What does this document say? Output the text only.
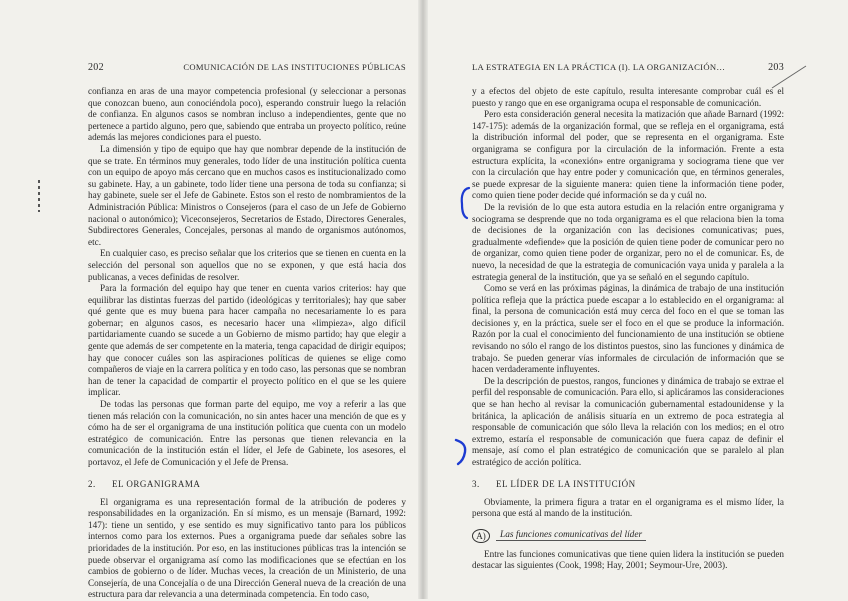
202	COMUNICACIÓN DE LAS INSTITUCIONES PÚBLICAS

confianza en aras de una mayor competencia profesional (y seleccionar a personas que conozcan bueno, aun conociéndola poco), esperando construir luego la relación de confianza. En algunos casos se nombran incluso a independientes, gente que no pertenece a partido alguno, pero que, sabiendo que entraba un proyecto político, reúne además las mejores condiciones para el puesto.

La dimensión y tipo de equipo que hay que nombrar depende de la institución de que se trate. En términos muy generales, todo líder de una institución política cuenta con un equipo de apoyo más cercano que en muchos casos es institucionalizado como su gabinete. Hay, a un gabinete, todo líder tiene una persona de toda su confianza; si hay gabinete, suele ser el Jefe de Gabinete. Estos son el resto de nombramientos de la Administración Pública: Ministros o Consejeros (para el caso de un Jefe de Gobierno nacional o autonómico); Viceconsejeros, Secretarios de Estado, Directores Generales, Subdirectores Generales, Concejales, personas al mando de organismos autónomos, etc.

En cualquier caso, es preciso señalar que los criterios que se tienen en cuenta en la selección del personal son aquellos que no se exponen, y que está hacia dos publicanas, a veces definidas de resolver.

Para la formación del equipo hay que tener en cuenta varios criterios: hay que equilibrar las distintas fuerzas del partido (ideológicas y territoriales); hay que saber qué gente que es muy buena para hacer campaña no necesariamente lo es para gobernar; en algunos casos, es necesario hacer una «limpieza», algo difícil partidariamente cuando se sucede a un Gobierno de mismo partido; hay que elegir a gente que además de ser competente en la materia, tenga capacidad de dirigir equipos; hay que conocer cuáles son las aspiraciones políticas de quienes se elige como compañeros de viaje en la carrera política y en todo caso, las personas que se nombran han de tener la capacidad de compartir el proyecto político en el que se les quiere implicar.

De todas las personas que forman parte del equipo, me voy a referir a las que tienen más relación con la comunicación, no sin antes hacer una mención de que es y cómo ha de ser el organigrama de una institución política que cuenta con un modelo estratégico de comunicación. Entre las personas que tienen relevancia en la comunicación de la institución están el líder, el Jefe de Gabinete, los asesores, el portavoz, el Jefe de Comunicación y el Jefe de Prensa.

2.	EL ORGANIGRAMA

El organigrama es una representación formal de la atribución de poderes y responsabilidades en la organización. En sí mismo, es un mensaje (Barnard, 1992: 147): tiene un sentido, y ese sentido es muy significativo tanto para los públicos internos como para los externos. Pues a organigrama puede dar señales sobre las prioridades de la institución. Por eso, en las instituciones públicas tras la intención se puede observar el organigrama así como las modificaciones que se efectúan en los cambios de gobierno o de líder. Muchas veces, la creación de un Ministerio, de una Consejería, de una Concejalía o de una Dirección General nueva de la creación de una estructura para dar relevancia a una determinada competencia. En todo caso,

LA ESTRATEGIA EN LA PRÁCTICA (I). LA ORGANIZACIÓN…	203

y a efectos del objeto de este capítulo, resulta interesante comprobar cuál es el puesto y rango que en ese organigrama ocupa el responsable de comunicación.

Pero esta consideración general necesita la matización que añade Barnard (1992: 147-175): además de la organización formal, que se refleja en el organigrama, está la distribución informal del poder, que se representa en el organigrama. Este organigrama se configura por la circulación de la información. Frente a esta estructura explícita, la «conexión» entre organigrama y sociograma tiene que ver con la circulación que hay entre poder y comunicación que, en términos generales, se puede expresar de la siguiente manera: quien tiene la información tiene poder, como quien tiene poder decide qué información se da y cuál no.

De la revisión de lo que esta autora estudia en la relación entre organigrama y sociograma se desprende que no toda organigrama es el que relaciona bien la toma de decisiones de la organización con las decisiones comunicativas; pues, gradualmente «defiende» que la posición de quien tiene poder de comunicar pero no de organizar, como quien tiene poder de organizar, pero no el de comunicar. Es, de nuevo, la necesidad de que la estrategia de comunicación vaya unida y paralela a la estrategia general de la institución, que ya se señaló en el segundo capítulo.

Como se verá en las próximas páginas, la dinámica de trabajo de una institución política refleja que la práctica puede escapar a lo establecido en el organigrama: al final, la persona de comunicación está muy cerca del foco en el que se toman las decisiones y, en la práctica, suele ser el foco en el que se produce la información. Razón por la cual el conocimiento del funcionamiento de una institución se obtiene revisando no sólo el rango de los distintos puestos, sino las funciones y dinámica de trabajo. Se pueden generar vías informales de circulación de información que se hacen verdaderamente influyentes.

De la descripción de puestos, rangos, funciones y dinámica de trabajo se extrae el perfil del responsable de comunicación. Para ello, si aplicáramos las consideraciones que se han hecho al revisar la comunicación gubernamental estadounidense y la británica, la aplicación de análisis situaría en un extremo de poca estrategia al responsable de comunicación que sólo lleva la relación con los medios; en el otro extremo, estaría el responsable de comunicación que fuera capaz de definir el mensaje, así como el plan estratégico de comunicación que se paralelo al plan estratégico de acción política.

3.	EL LÍDER DE LA INSTITUCIÓN

Obviamente, la primera figura a tratar en el organigrama es el mismo líder, la persona que está al mando de la institución.

A)	Las funciones comunicativas del líder

Entre las funciones comunicativas que tiene quien lidera la institución se pueden destacar las siguientes (Cook, 1998; Hay, 2001; Seymour-Ure, 2003).
